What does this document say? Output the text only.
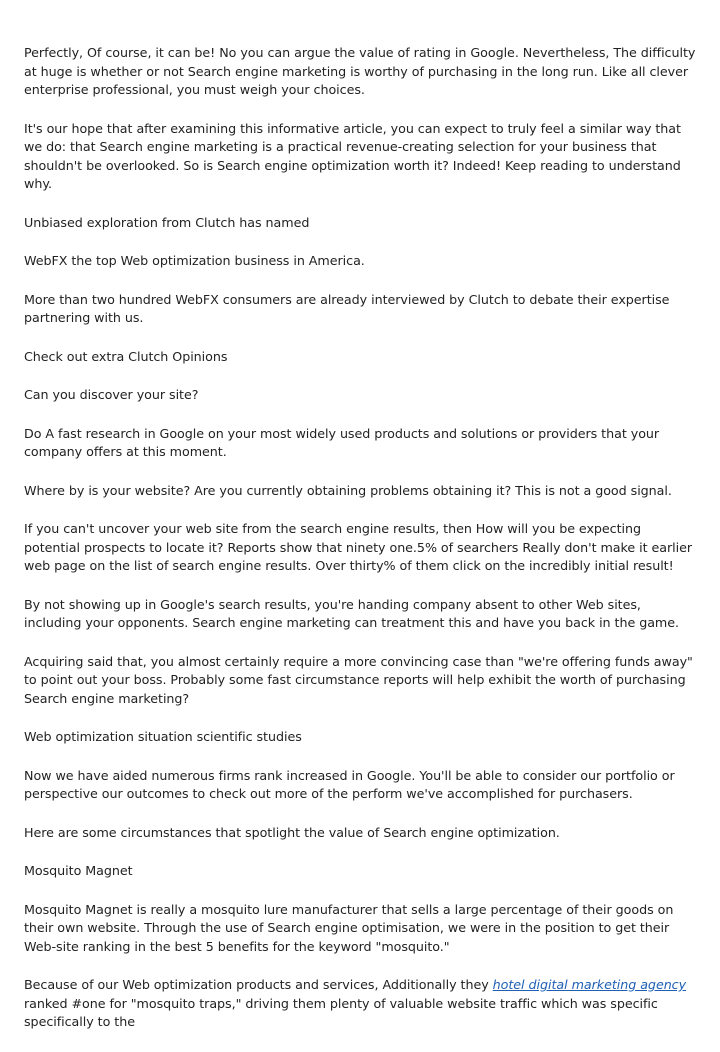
Perfectly, Of course, it can be! No you can argue the value of rating in Google. Nevertheless, The difficulty at huge is whether or not Search engine marketing is worthy of purchasing in the long run. Like all clever enterprise professional, you must weigh your choices.

It's our hope that after examining this informative article, you can expect to truly feel a similar way that we do: that Search engine marketing is a practical revenue-creating selection for your business that shouldn't be overlooked. So is Search engine optimization worth it? Indeed! Keep reading to understand why.

Unbiased exploration from Clutch has named

WebFX the top Web optimization business in America.

More than two hundred WebFX consumers are already interviewed by Clutch to debate their expertise partnering with us.

Check out extra Clutch Opinions

Can you discover your site?

Do A fast research in Google on your most widely used products and solutions or providers that your company offers at this moment.

Where by is your website? Are you currently obtaining problems obtaining it? This is not a good signal.

If you can't uncover your web site from the search engine results, then How will you be expecting potential prospects to locate it? Reports show that ninety one.5% of searchers Really don't make it earlier web page on the list of search engine results. Over thirty% of them click on the incredibly initial result!

By not showing up in Google's search results, you're handing company absent to other Web sites, including your opponents. Search engine marketing can treatment this and have you back in the game.

Acquiring said that, you almost certainly require a more convincing case than "we're offering funds away" to point out your boss. Probably some fast circumstance reports will help exhibit the worth of purchasing Search engine marketing?

Web optimization situation scientific studies

Now we have aided numerous firms rank increased in Google. You'll be able to consider our portfolio or perspective our outcomes to check out more of the perform we've accomplished for purchasers.

Here are some circumstances that spotlight the value of Search engine optimization.

Mosquito Magnet

Mosquito Magnet is really a mosquito lure manufacturer that sells a large percentage of their goods on their own website. Through the use of Search engine optimisation, we were in the position to get their Web-site ranking in the best 5 benefits for the keyword "mosquito."

Because of our Web optimization products and services, Additionally they hotel digital marketing agency ranked #one for "mosquito traps," driving them plenty of valuable website traffic which was specific specifically to the
